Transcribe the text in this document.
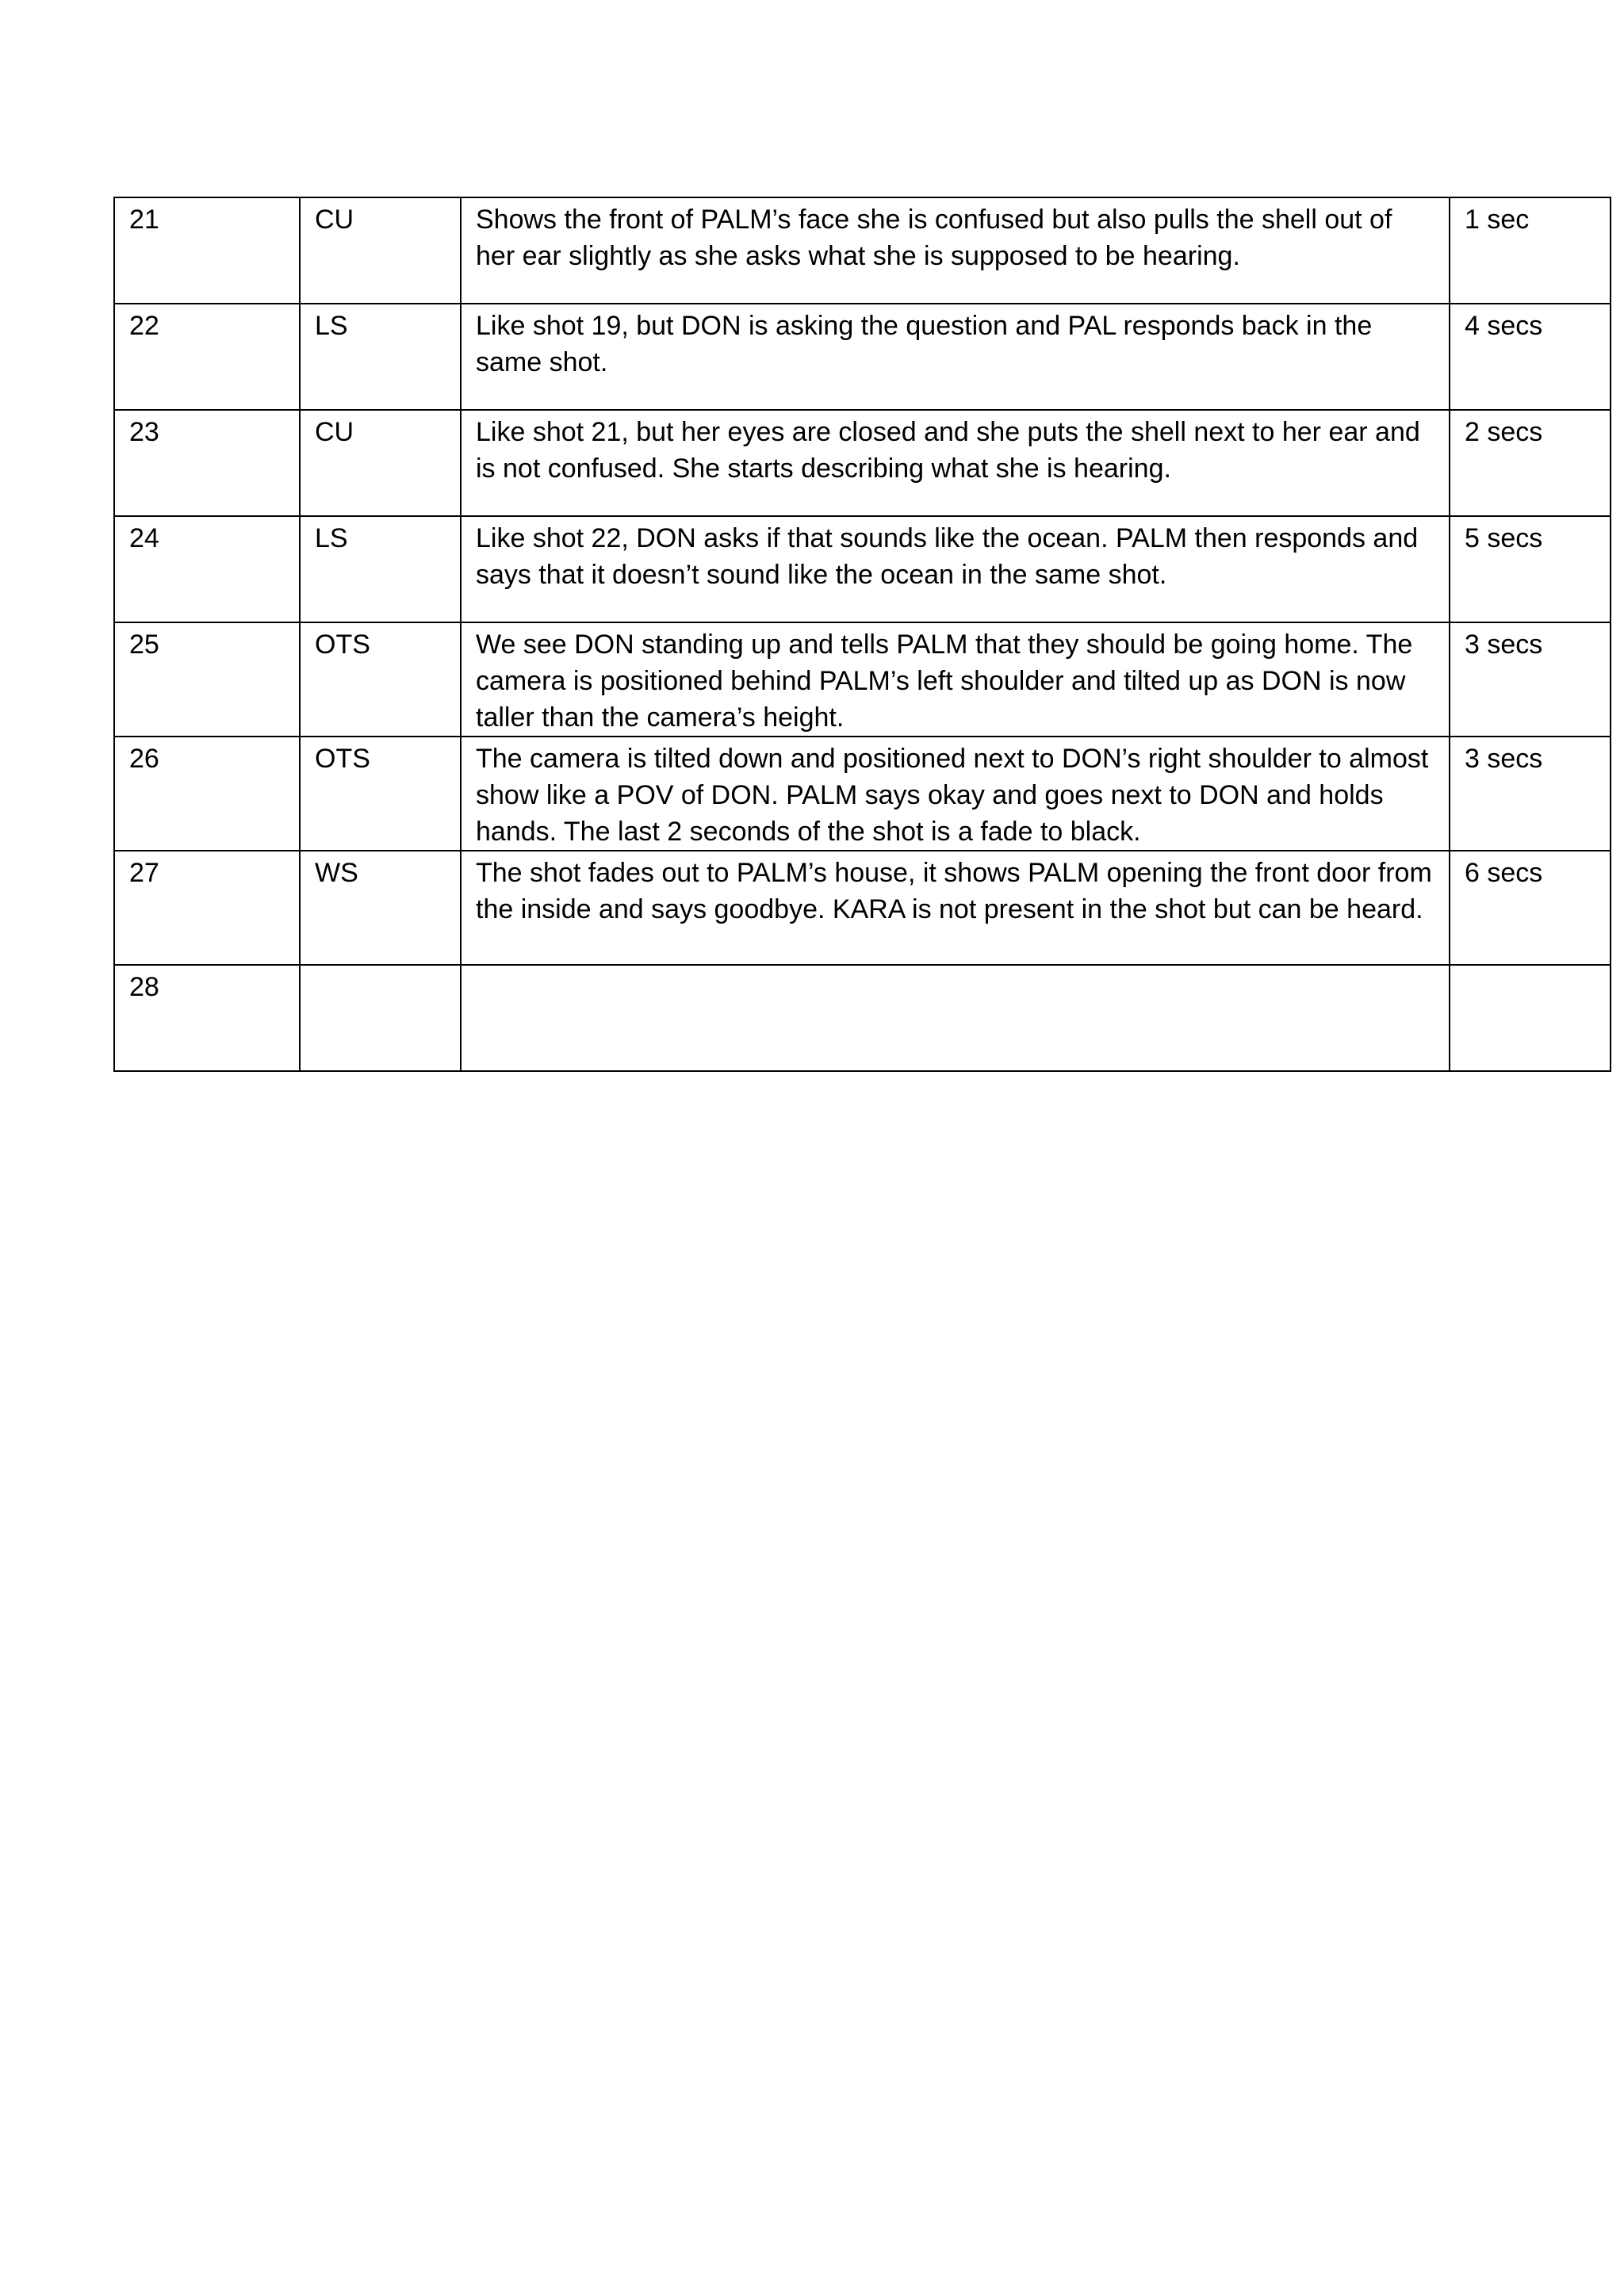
21	CU	Shows the front of PALM’s face she is confused but also pulls the shell out of her ear slightly as she asks what she is supposed to be hearing.	1 sec
22	LS	Like shot 19, but DON is asking the question and PAL responds back in the same shot.	4 secs
23	CU	Like shot 21, but her eyes are closed and she puts the shell next to her ear and is not confused. She starts describing what she is hearing.	2 secs
24	LS	Like shot 22, DON asks if that sounds like the ocean. PALM then responds and says that it doesn’t sound like the ocean in the same shot.	5 secs
25	OTS	We see DON standing up and tells PALM that they should be going home. The camera is positioned behind PALM’s left shoulder and tilted up as DON is now taller than the camera’s height.	3 secs
26	OTS	The camera is tilted down and positioned next to DON’s right shoulder to almost show like a POV of DON. PALM says okay and goes next to DON and holds hands. The last 2 seconds of the shot is a fade to black.	3 secs
27	WS	The shot fades out to PALM’s house, it shows PALM opening the front door from the inside and says goodbye. KARA is not present in the shot but can be heard.	6 secs
28			
